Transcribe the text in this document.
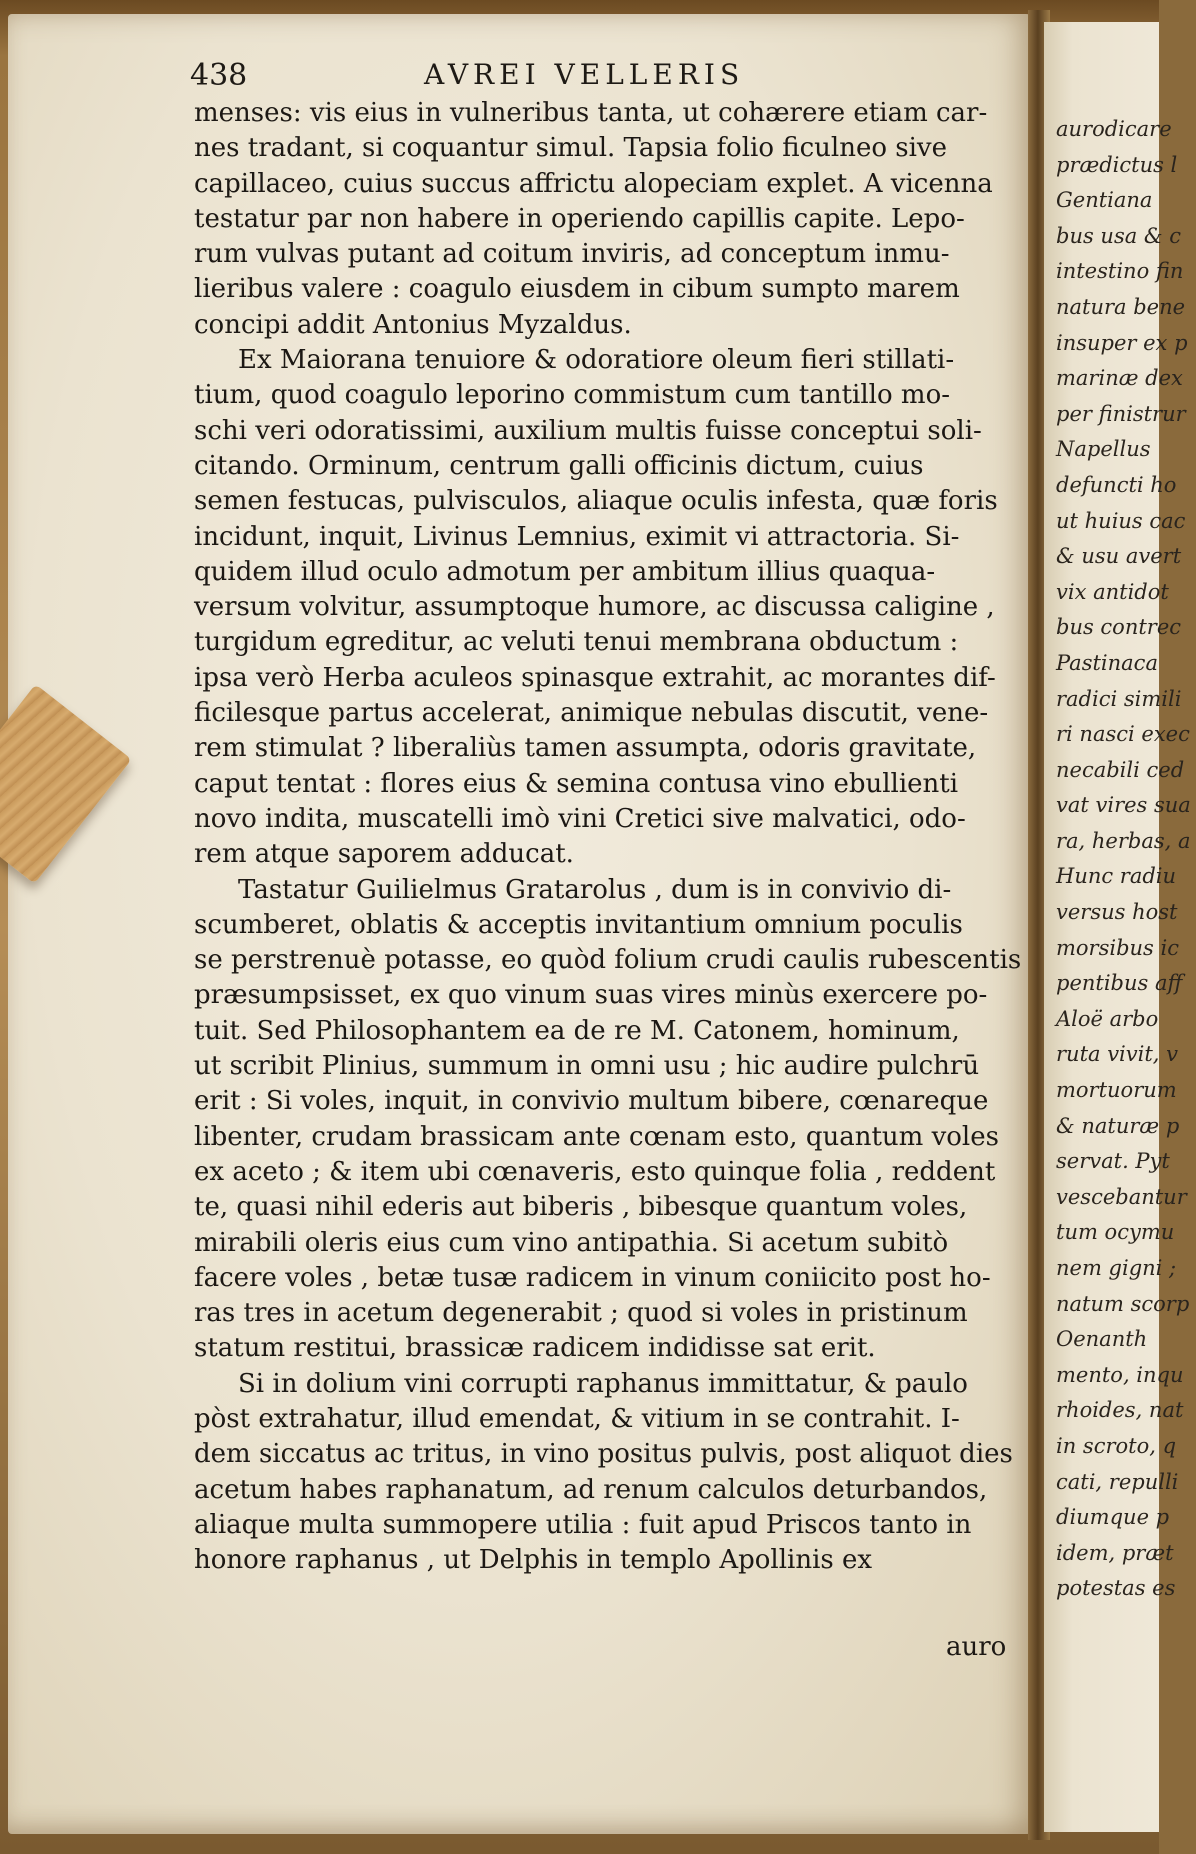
aurodicare
prædictus l
Gentiana
bus usa & c
intestino fin
natura bene
insuper ex p
marinæ dex
per finistrur
Napellus
defuncti ho
ut huius cac
& usu avert
vix antidot
bus contrec
Pastinaca
radici simili
ri nasci exec
necabili ced
vat vires sua
ra, herbas, a
Hunc radiu
versus host
morsibus ic
pentibus aff
Aloë arbo
ruta vivit, v
mortuorum
& naturæ p
servat. Pyt
vescebantur
tum ocymu
nem gigni ;
natum scorp
Oenanth
mento, inqu
rhoides, nat
in scroto, q
cati, repulli
diumque p
idem, præt
potestas es
438	AVREI VELLERIS
menses: vis eius in vulneribus tanta, ut cohærere etiam car-
nes tradant, si coquantur simul. Tapsia folio ficulneo sive
capillaceo, cuius succus affrictu alopeciam explet. A vicenna
testatur par non habere in operiendo capillis capite. Lepo-
rum vulvas putant ad coitum inviris, ad conceptum inmu-
lieribus valere : coagulo eiusdem in cibum sumpto marem
concipi addit Antonius Myzaldus.
Ex Maiorana tenuiore & odoratiore oleum fieri stillati-
tium, quod coagulo leporino commistum cum tantillo mo-
schi veri odoratissimi, auxilium multis fuisse conceptui soli-
citando. Orminum, centrum galli officinis dictum, cuius
semen festucas, pulvisculos, aliaque oculis infesta, quæ foris
incidunt, inquit, Livinus Lemnius, eximit vi attractoria. Si-
quidem illud oculo admotum per ambitum illius quaqua-
versum volvitur, assumptoque humore, ac discussa caligine ,
turgidum egreditur, ac veluti tenui membrana obductum :
ipsa verò Herba aculeos spinasque extrahit, ac morantes dif-
ficilesque partus accelerat, animique nebulas discutit, vene-
rem stimulat ? liberaliùs tamen assumpta, odoris gravitate,
caput tentat : flores eius & semina contusa vino ebullienti
novo indita, muscatelli imò vini Cretici sive malvatici, odo-
rem atque saporem adducat.
Tastatur Guilielmus Gratarolus , dum is in convivio di-
scumberet, oblatis & acceptis invitantium omnium poculis
se perstrenuè potasse, eo quòd folium crudi caulis rubescentis
præsumpsisset, ex quo vinum suas vires minùs exercere po-
tuit. Sed Philosophantem ea de re M. Catonem, hominum,
ut scribit Plinius, summum in omni usu ; hic audire pulchrū
erit : Si voles, inquit, in convivio multum bibere, cœnareque
libenter, crudam brassicam ante cœnam esto, quantum voles
ex aceto ; & item ubi cœnaveris, esto quinque folia , reddent
te, quasi nihil ederis aut biberis , bibesque quantum voles,
mirabili oleris eius cum vino antipathia. Si acetum subitò
facere voles , betæ tusæ radicem in vinum coniicito post ho-
ras tres in acetum degenerabit ; quod si voles in pristinum
statum restitui, brassicæ radicem indidisse sat erit.
Si in dolium vini corrupti raphanus immittatur, & paulo
pòst extrahatur, illud emendat, & vitium in se contrahit. I-
dem siccatus ac tritus, in vino positus pulvis, post aliquot dies
acetum habes raphanatum, ad renum calculos deturbandos,
aliaque multa summopere utilia : fuit apud Priscos tanto in
honore raphanus , ut Delphis in templo Apollinis ex
auro
